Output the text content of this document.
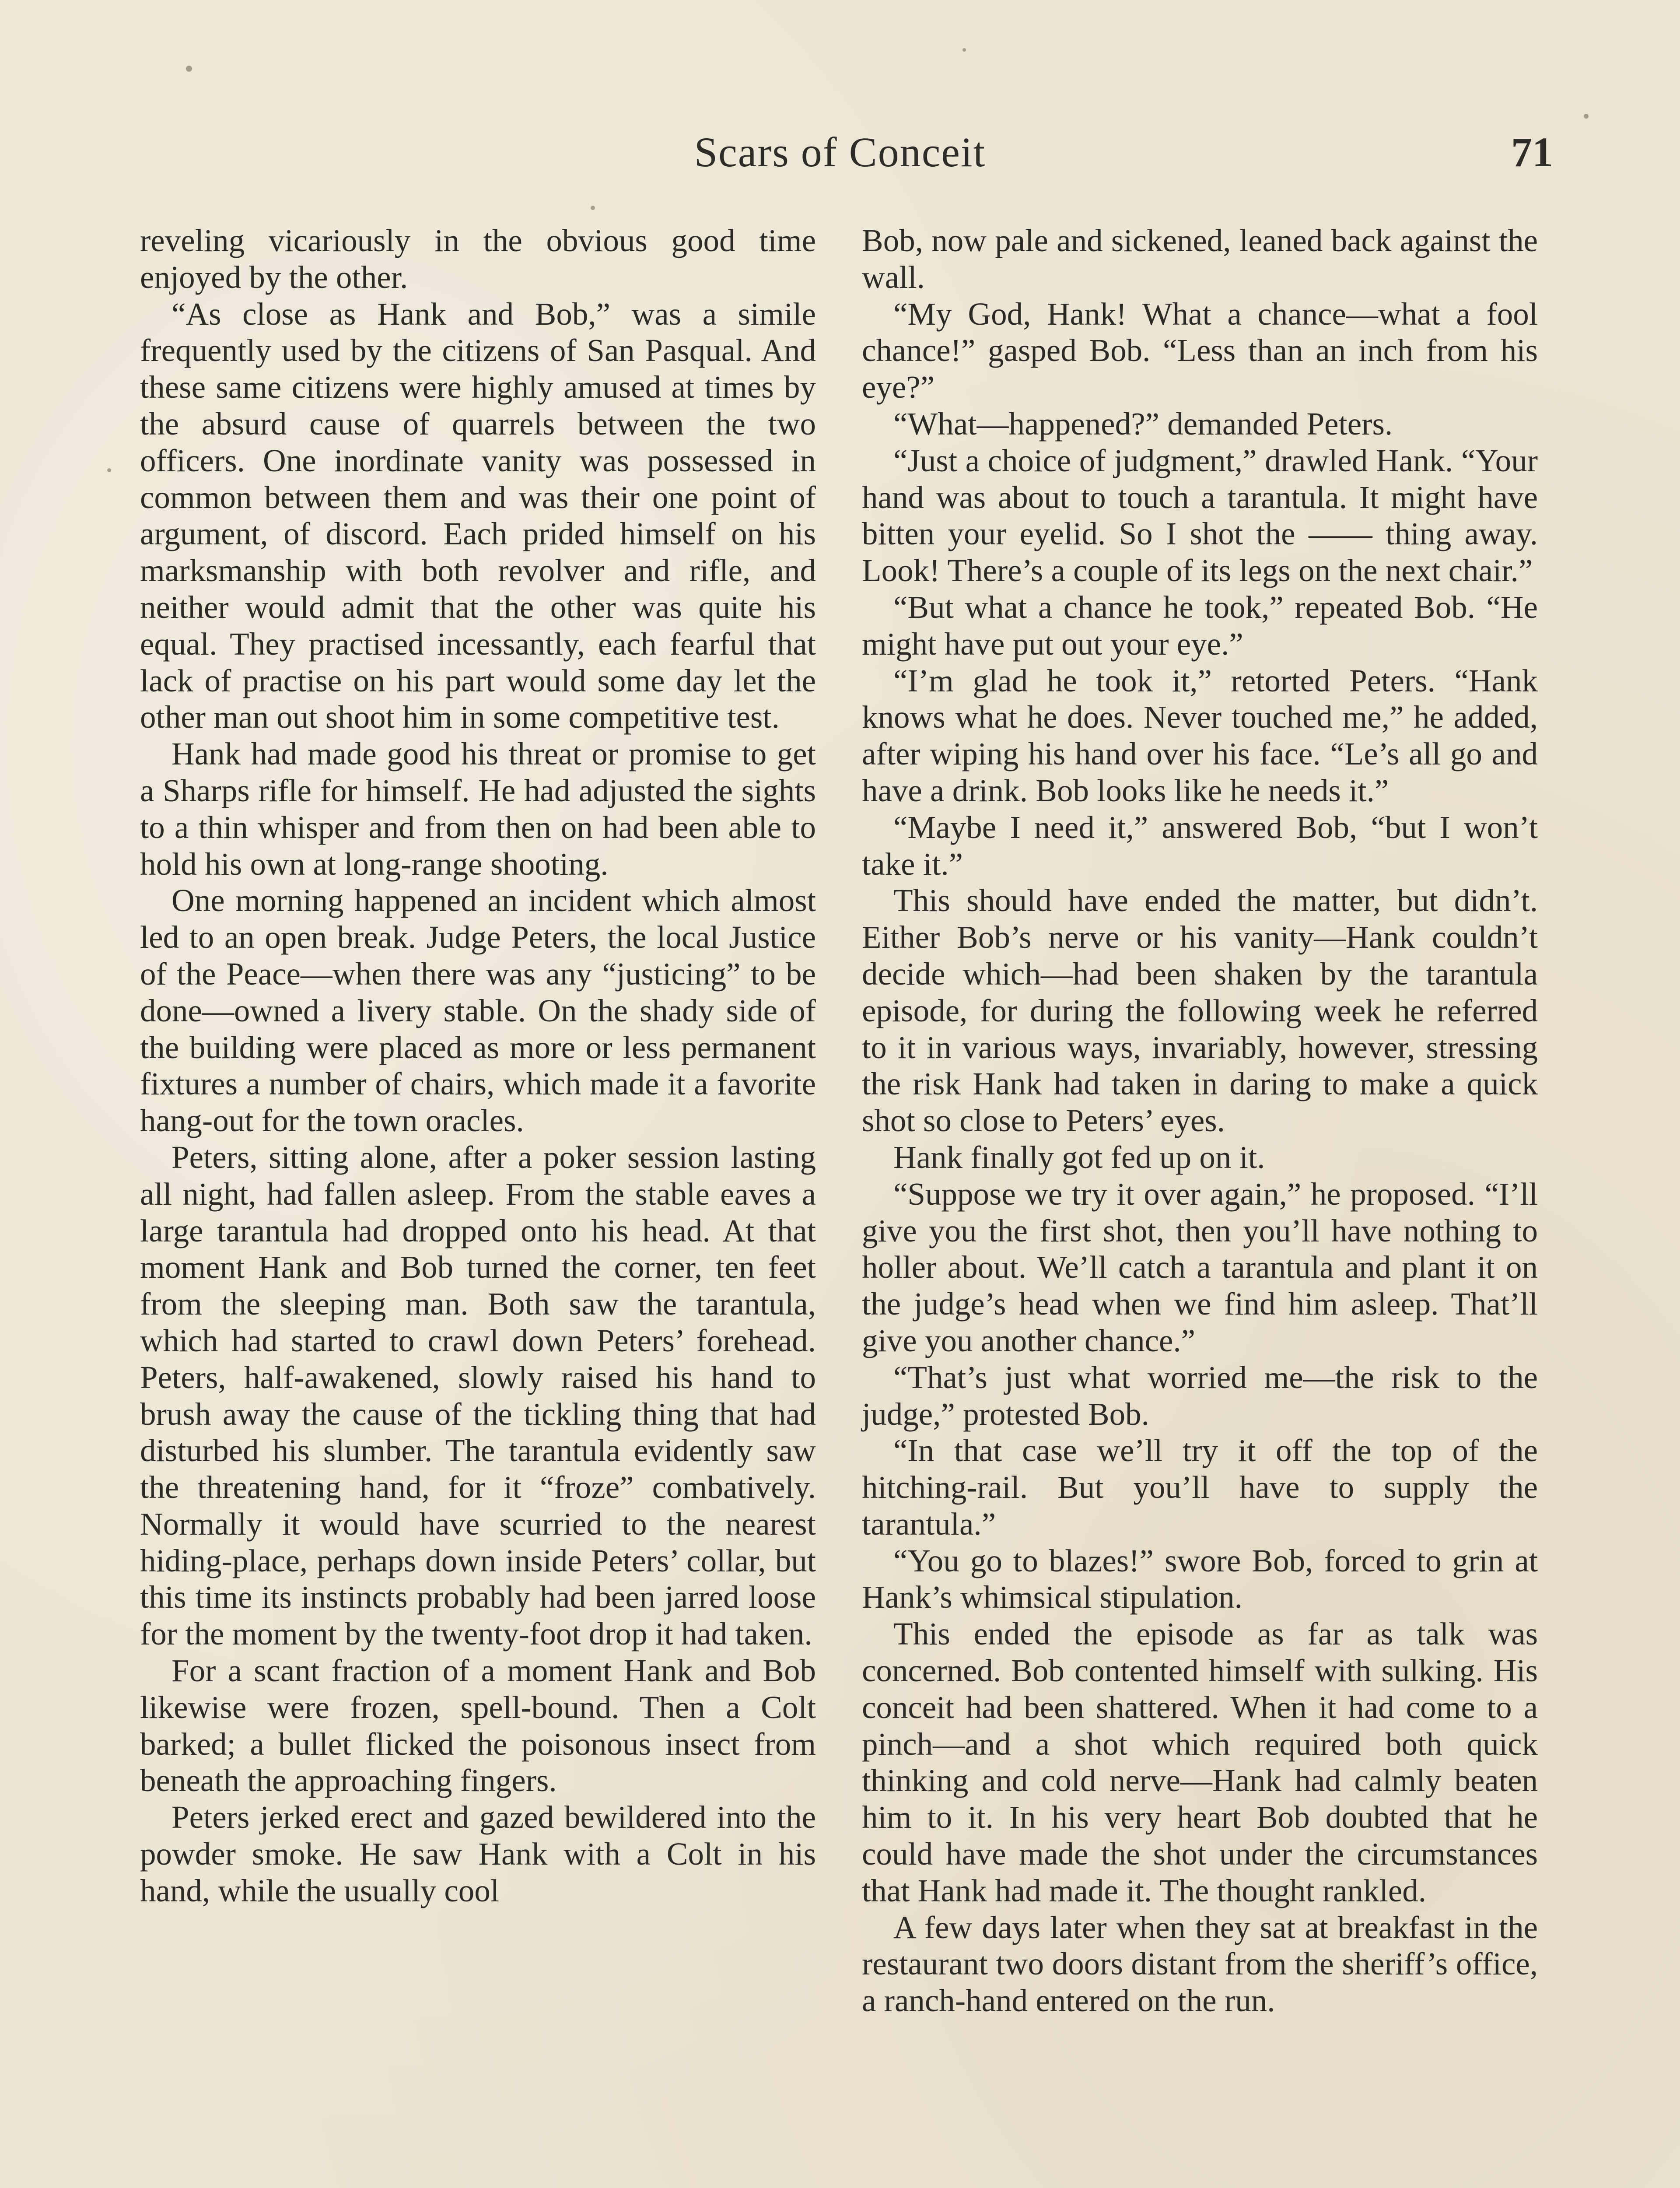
Scars of Conceit	71

reveling vicariously in the obvious good time enjoyed by the other.

“As close as Hank and Bob,” was a simile frequently used by the citizens of San Pasqual. And these same citizens were highly amused at times by the absurd cause of quarrels between the two officers. One inordinate vanity was possessed in common between them and was their one point of argument, of discord. Each prided himself on his marksmanship with both revolver and rifle, and neither would admit that the other was quite his equal. They practised incessantly, each fearful that lack of practise on his part would some day let the other man out shoot him in some competitive test.

Hank had made good his threat or promise to get a Sharps rifle for himself. He had adjusted the sights to a thin whisper and from then on had been able to hold his own at long-range shooting.

One morning happened an incident which almost led to an open break. Judge Peters, the local Justice of the Peace—when there was any “justicing” to be done—owned a livery stable. On the shady side of the building were placed as more or less permanent fixtures a number of chairs, which made it a favorite hang-out for the town oracles.

Peters, sitting alone, after a poker session lasting all night, had fallen asleep. From the stable eaves a large tarantula had dropped onto his head. At that moment Hank and Bob turned the corner, ten feet from the sleeping man. Both saw the tarantula, which had started to crawl down Peters’ forehead. Peters, half-awakened, slowly raised his hand to brush away the cause of the tickling thing that had disturbed his slumber. The tarantula evidently saw the threatening hand, for it “froze” combatively. Normally it would have scurried to the nearest hiding-place, perhaps down inside Peters’ collar, but this time its instincts probably had been jarred loose for the moment by the twenty-foot drop it had taken.

For a scant fraction of a moment Hank and Bob likewise were frozen, spell-bound. Then a Colt barked; a bullet flicked the poisonous insect from beneath the approaching fingers.

Peters jerked erect and gazed bewildered into the powder smoke. He saw Hank with a Colt in his hand, while the usually cool

Bob, now pale and sickened, leaned back against the wall.

“My God, Hank! What a chance—what a fool chance!” gasped Bob. “Less than an inch from his eye?”

“What—happened?” demanded Peters.

“Just a choice of judgment,” drawled Hank. “Your hand was about to touch a tarantula. It might have bitten your eyelid. So I shot the —— thing away. Look! There’s a couple of its legs on the next chair.”

“But what a chance he took,” repeated Bob. “He might have put out your eye.”

“I’m glad he took it,” retorted Peters. “Hank knows what he does. Never touched me,” he added, after wiping his hand over his face. “Le’s all go and have a drink. Bob looks like he needs it.”

“Maybe I need it,” answered Bob, “but I won’t take it.”

This should have ended the matter, but didn’t. Either Bob’s nerve or his vanity—Hank couldn’t decide which—had been shaken by the tarantula episode, for during the following week he referred to it in various ways, invariably, however, stressing the risk Hank had taken in daring to make a quick shot so close to Peters’ eyes.

Hank finally got fed up on it.

“Suppose we try it over again,” he proposed. “I’ll give you the first shot, then you’ll have nothing to holler about. We’ll catch a tarantula and plant it on the judge’s head when we find him asleep. That’ll give you another chance.”

“That’s just what worried me—the risk to the judge,” protested Bob.

“In that case we’ll try it off the top of the hitching-rail. But you’ll have to supply the tarantula.”

“You go to blazes!” swore Bob, forced to grin at Hank’s whimsical stipulation.

This ended the episode as far as talk was concerned. Bob contented himself with sulking. His conceit had been shattered. When it had come to a pinch—and a shot which required both quick thinking and cold nerve—Hank had calmly beaten him to it. In his very heart Bob doubted that he could have made the shot under the circumstances that Hank had made it. The thought rankled.

A few days later when they sat at breakfast in the restaurant two doors distant from the sheriff’s office, a ranch-hand entered on the run.
